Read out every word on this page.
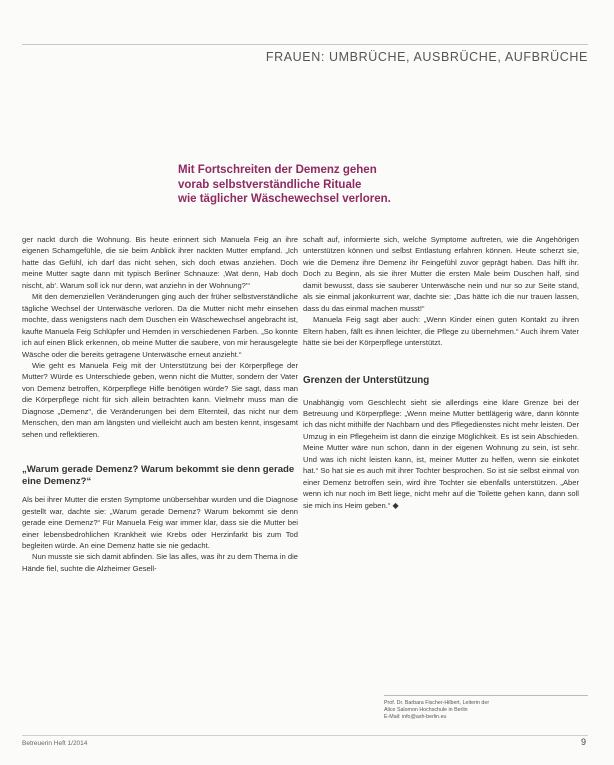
FRAUEN: UMBRÜCHE, AUSBRÜCHE, AUFBRÜCHE

Mit Fortschreiten der Demenz gehen
vorab selbstverständliche Rituale
wie täglicher Wäschewechsel verloren.

ger nackt durch die Wohnung. Bis heute erinnert sich Manuela Feig an ihre eigenen Schamgefühle, die sie beim Anblick ihrer nackten Mutter empfand. „Ich hatte das Gefühl, ich darf das nicht sehen, sich doch etwas anziehen. Doch meine Mutter sagte dann mit typisch Berliner Schnauze: ‚Wat denn, Hab doch nischt, ab'. Warum soll ick nur denn, wat anziehn in der Wohnung?'“

Mit den demenziellen Veränderungen ging auch der früher selbstverständliche tägliche Wechsel der Unterwäsche verloren. Da die Mutter nicht mehr einsehen mochte, dass wenigstens nach dem Duschen ein Wäschewechsel angebracht ist, kaufte Manuela Feig Schlüpfer und Hemden in verschiedenen Farben. „So konnte ich auf einen Blick erkennen, ob meine Mutter die saubere, von mir herausgelegte Wäsche oder die bereits getragene Unterwäsche erneut anzieht.“

Wie geht es Manuela Feig mit der Unterstützung bei der Körperpflege der Mutter? Würde es Unterschiede geben, wenn nicht die Mutter, sondern der Vater von Demenz betroffen, Körperpflege Hilfe benötigen würde? Sie sagt, dass man die Körperpflege nicht für sich allein betrachten kann. Vielmehr muss man die Diagnose „Demenz“, die Veränderungen bei dem Elternteil, das nicht nur dem Menschen, den man am längsten und vielleicht auch am besten kennt, insgesamt sehen und reflektieren.

„Warum gerade Demenz? Warum bekommt sie denn gerade eine Demenz?“

Als bei ihrer Mutter die ersten Symptome unübersehbar wurden und die Diagnose gestellt war, dachte sie: „Warum gerade Demenz? Warum bekommt sie denn gerade eine Demenz?“ Für Manuela Feig war immer klar, dass sie die Mutter bei einer lebensbedrohlichen Krankheit wie Krebs oder Herzinfarkt bis zum Tod begleiten würde. An eine Demenz hatte sie nie gedacht.

Nun musste sie sich damit abfinden. Sie las alles, was ihr zu dem Thema in die Hände fiel, suchte die Alzheimer Gesell-

schaft auf, informierte sich, welche Symptome auftreten, wie die Angehörigen unterstützen können und selbst Entlastung erfahren können. Heute scherzt sie, wie die Demenz ihre Demenz ihr Feingefühl zuvor geprägt haben. Das hilft ihr. Doch zu Beginn, als sie ihrer Mutter die ersten Male beim Duschen half, sind damit bewusst, dass sie sauberer Unterwäsche nein und nur so zur Seite stand, als sie einmal jakonkurrent war, dachte sie: „Das hätte ich die nur trauen lassen, dass du das einmal machen musst!“

Manuela Feig sagt aber auch: „Wenn Kinder einen guten Kontakt zu ihren Eltern haben, fällt es ihnen leichter, die Pflege zu übernehmen.“ Auch ihrem Vater hätte sie bei der Körperpflege unterstützt.

Grenzen der Unterstützung

Unabhängig vom Geschlecht sieht sie allerdings eine klare Grenze bei der Betreuung und Körperpflege: „Wenn meine Mutter bettlägerig wäre, dann könnte ich das nicht mithilfe der Nachbarn und des Pflegedienstes nicht mehr leisten. Der Umzug in ein Pflegeheim ist dann die einzige Möglichkeit. Es ist sein Abschieden. Meine Mutter wäre nun schon, dann in der eigenen Wohnung zu sein, ist sehr. Und was ich nicht leisten kann, ist, meiner Mutter zu helfen, wenn sie einkotet hat.“ So hat sie es auch mit ihrer Tochter besprochen. So ist sie selbst einmal von einer Demenz betroffen sein, wird ihre Tochter sie ebenfalls unterstützen. „Aber wenn ich nur noch im Bett liege, nicht mehr auf die Toilette gehen kann, dann soll sie mich ins Heim geben.“ ◆

Prof. Dr. Barbara Fischer-Hilbert, Leiterin der
Alice Salomon Hochschule in Berlin
E-Mail: info@ash-berlin.eu

Betreuerin Heft 1/2014	9
